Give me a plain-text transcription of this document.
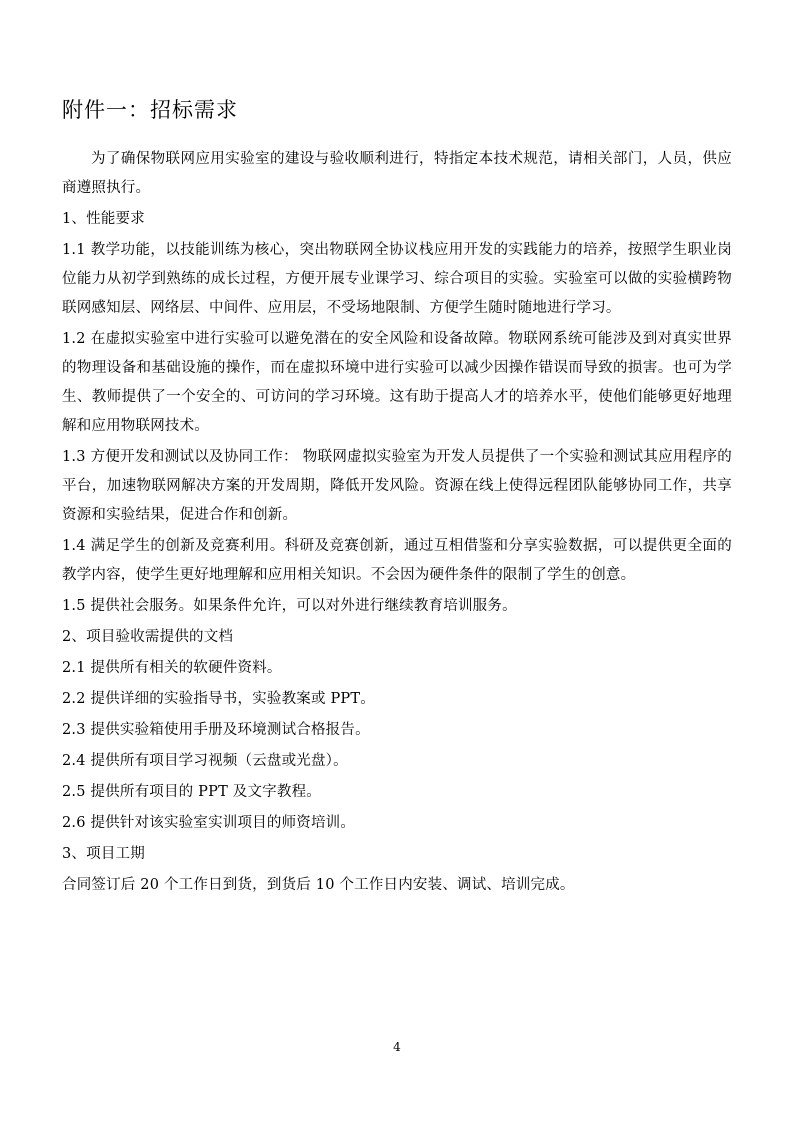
附件一：招标需求

为了确保物联网应用实验室的建设与验收顺利进行，特指定本技术规范，请相关部门，人员，供应商遵照执行。

1、性能要求

1.1 教学功能，以技能训练为核心，突出物联网全协议栈应用开发的实践能力的培养，按照学生职业岗位能力从初学到熟练的成长过程，方便开展专业课学习、综合项目的实验。实验室可以做的实验横跨物联网感知层、网络层、中间件、应用层，不受场地限制、方便学生随时随地进行学习。

1.2 在虚拟实验室中进行实验可以避免潜在的安全风险和设备故障。物联网系统可能涉及到对真实世界的物理设备和基础设施的操作，而在虚拟环境中进行实验可以减少因操作错误而导致的损害。也可为学生、教师提供了一个安全的、可访问的学习环境。这有助于提高人才的培养水平，使他们能够更好地理解和应用物联网技术。

1.3 方便开发和测试以及协同工作： 物联网虚拟实验室为开发人员提供了一个实验和测试其应用程序的平台，加速物联网解决方案的开发周期，降低开发风险。资源在线上使得远程团队能够协同工作，共享资源和实验结果，促进合作和创新。

1.4 满足学生的创新及竞赛利用。科研及竞赛创新，通过互相借鉴和分享实验数据，可以提供更全面的教学内容，使学生更好地理解和应用相关知识。不会因为硬件条件的限制了学生的创意。

1.5 提供社会服务。如果条件允许，可以对外进行继续教育培训服务。

2、项目验收需提供的文档

2.1 提供所有相关的软硬件资料。

2.2 提供详细的实验指导书，实验教案或 PPT。

2.3 提供实验箱使用手册及环境测试合格报告。

2.4 提供所有项目学习视频（云盘或光盘）。

2.5 提供所有项目的 PPT 及文字教程。

2.6 提供针对该实验室实训项目的师资培训。

3、项目工期

合同签订后 20 个工作日到货，到货后 10 个工作日内安装、调试、培训完成。

4
